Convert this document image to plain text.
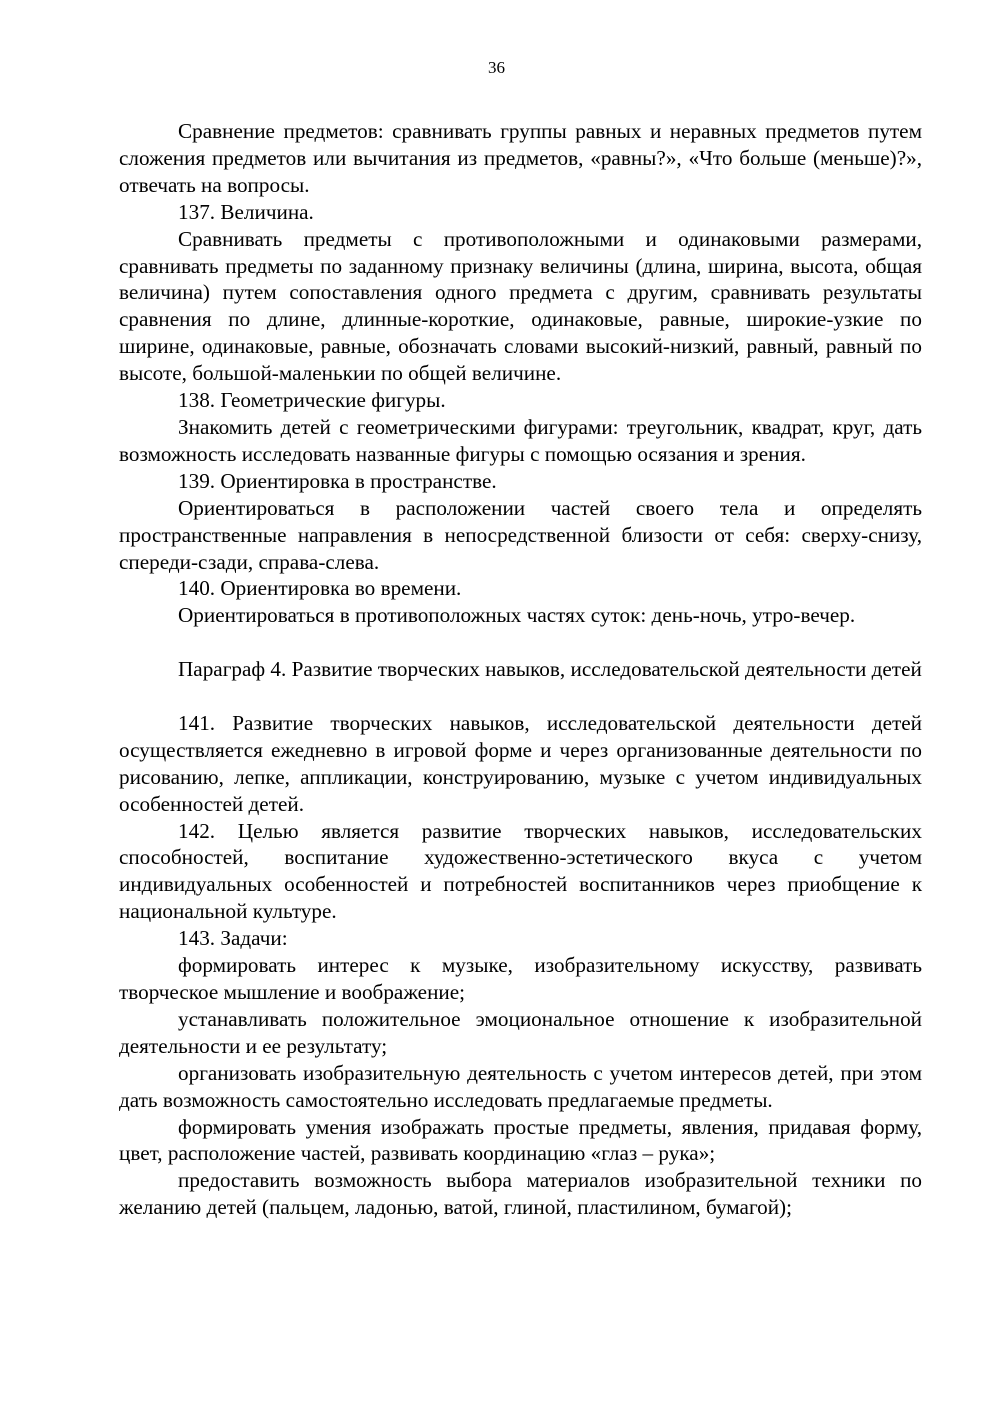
36

Сравнение предметов: сравнивать группы равных и неравных предметов путем сложения предметов или вычитания из предметов, «равны?», «Что больше (меньше)?», отвечать на вопросы.

137. Величина.

Сравнивать предметы с противоположными и одинаковыми размерами, сравнивать предметы по заданному признаку величины (длина, ширина, высота, общая величина) путем сопоставления одного предмета с другим, сравнивать результаты сравнения по длине, длинные-короткие, одинаковые, равные, широкие-узкие по ширине, одинаковые, равные, обозначать словами высокий-низкий, равный, равный по высоте, большой-маленькии по общей величине.

138. Геометрические фигуры.

Знакомить детей с геометрическими фигурами: треугольник, квадрат, круг, дать возможность исследовать названные фигуры с помощью осязания и зрения.

139. Ориентировка в пространстве.

Ориентироваться в расположении частей своего тела и определять пространственные направления в непосредственной близости от себя: сверху-снизу, спереди-сзади, справа-слева.

140. Ориентировка во времени.

Ориентироваться в противоположных частях суток: день-ночь, утро-вечер.

Параграф 4. Развитие творческих навыков, исследовательской деятельности детей

141. Развитие творческих навыков, исследовательской деятельности детей осуществляется ежедневно в игровой форме и через организованные деятельности по рисованию, лепке, аппликации, конструированию, музыке с учетом индивидуальных особенностей детей.

142. Целью является развитие творческих навыков, исследовательских способностей, воспитание художественно-эстетического вкуса с учетом индивидуальных особенностей и потребностей воспитанников через приобщение к национальной культуре.

143. Задачи:

формировать интерес к музыке, изобразительному искусству, развивать творческое мышление и воображение;

устанавливать положительное эмоциональное отношение к изобразительной деятельности и ее результату;

организовать изобразительную деятельность с учетом интересов детей, при этом дать возможность самостоятельно исследовать предлагаемые предметы.

формировать умения изображать простые предметы, явления, придавая форму, цвет, расположение частей, развивать координацию «глаз – рука»;

предоставить возможность выбора материалов изобразительной техники по желанию детей (пальцем, ладонью, ватой, глиной, пластилином, бумагой);
